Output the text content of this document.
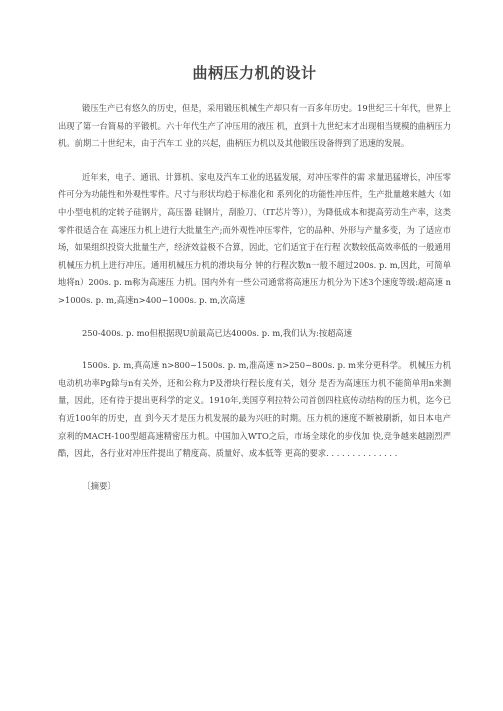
曲柄压力机的设计

锻压生产已有悠久的历史，但是，采用锻压机械生产却只有一百多年历史。19世纪三十年代，世界上出现了第一台简易的平锻机。六十年代生产了冲压用的液压 机，直到十九世纪末才出现相当规模的曲柄压力机。前期二十世纪末，由于汽车工 业的兴起，曲柄压力机以及其他锻压设备得到了迅速的发展。

近年来，电子、通讯、计算机、家电及汽车工业的迅猛发展，对冲压零件的需 求量迅猛增长，冲压零件可分为功能性和外观性零件。尺寸与形状均趋于标准化和 系列化的功能性冲压件，生产批量越来越大（如中小型电机的定转子硅钢片，高压器 硅钢片，刮脸刀、（IT芯片等）），为降低成本和提高劳动生产率，这类零件很适合在 高速压力机上进行大批量生产;而外观性冲压零件，它的品种、外形与产量多变，为 了适应市场，如果组织投资大批量生产，经济效益极不合算，因此，它们适宜于在行程 次数较低高效率低的一般通用机械压力机上进行冲压。通用机械压力机的滑块每分 钟的行程次数n一般不超过200s. p. m,因此，可简单地将n）200s. p. m称为高速压 力机。国内外有一些公司通常将高速压力机分为下述3个速度等级:超高速 n>1000s. p. m,高速n>400~1000s. p. m,次高速

250-400s. p. mo但根据现U前最高已达4000s. p. m,我们认为:按超高速

1500s. p. m,真高速 n>800~1500s. p. m,准高速 n>250~800s. p. m来分更科学。 机械压力机电动机功率Pg除与n有关外，还和公称力P及滑块行程长度有关，划分 是否为高速压力机不能简单用n来测量，因此，还有待于提出更科学的定义。1910年,美国亨利拉特公司首创四柱底传动结构的压力机，迄今已有近100年的历史，直 到今天才是压力机发展的最为兴旺的时期。压力机的速度不断被刷新，如日本电产 京利的MACH-100型超高速精密压力机。中国加入WTO之后，市场全球化的步伐加 快,竞争越来越剧烈严酷，因此，各行业对冲压件提出了精度高、质量好、成本低等 更高的要求. . . . . . . . . . . . . .

〔摘要〕
